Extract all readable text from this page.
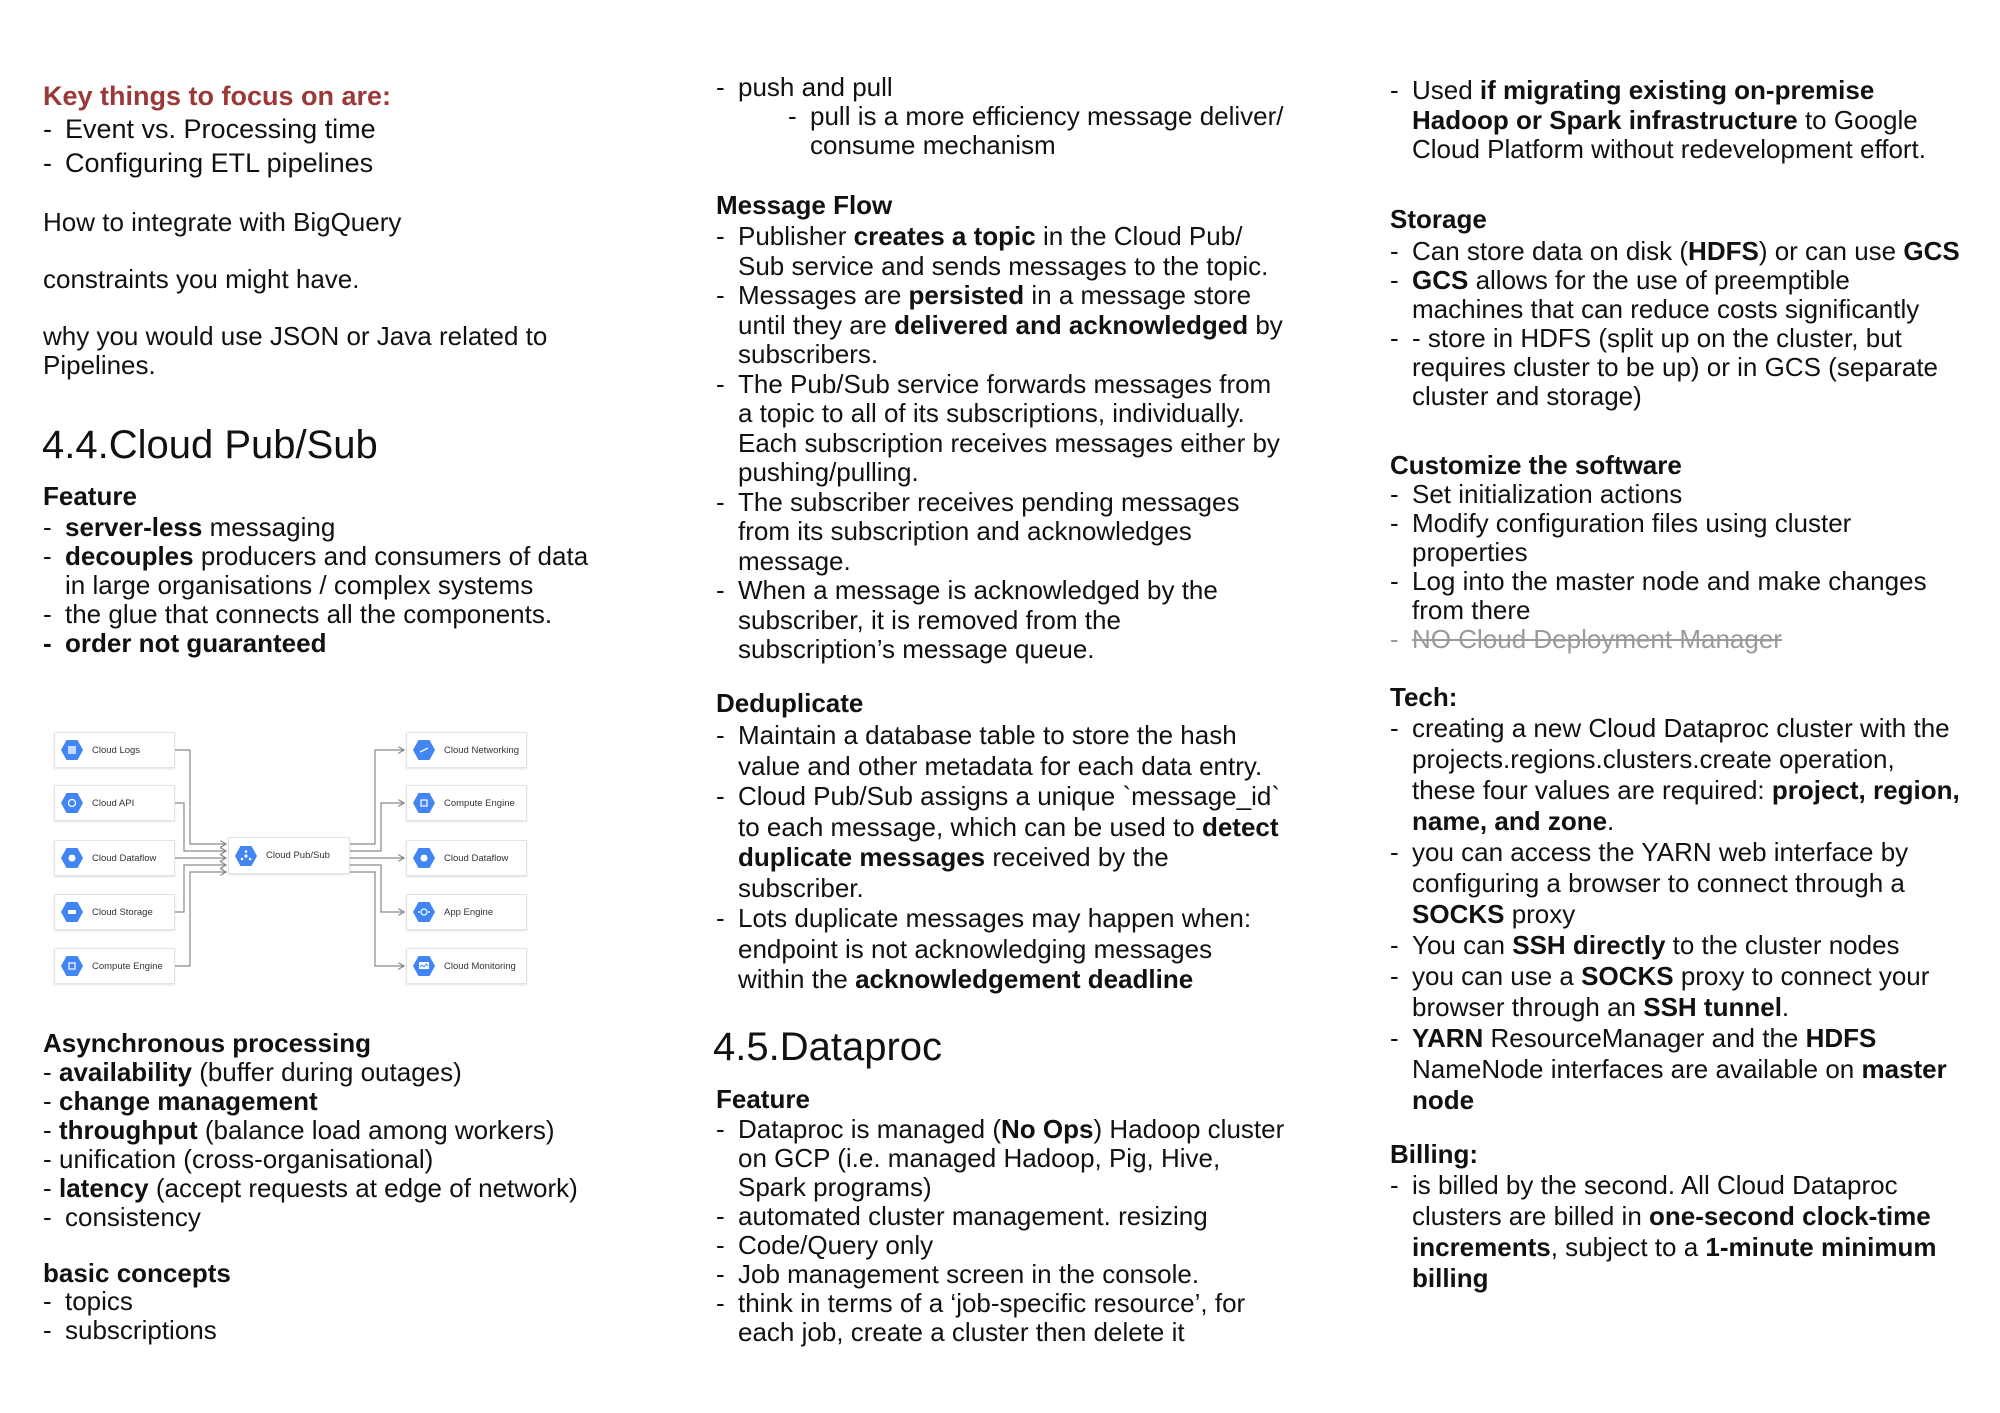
Key things to focus on are:
- Event vs. Processing time
- Configuring ETL pipelines
How to integrate with BigQuery
constraints you might have.
why you would use JSON or Java related to
Pipelines.
4.4.Cloud Pub/Sub
Feature
- server-less messaging
- decouples producers and consumers of data
in large organisations / complex systems
- the glue that connects all the components.
- order not guaranteed
Cloud Logs
Cloud API
Cloud Dataflow
Cloud Storage
Compute Engine
Cloud Pub/Sub
Cloud Networking
Compute Engine
Cloud Dataflow
App Engine
Cloud Monitoring
Asynchronous processing
- availability (buffer during outages)
- change management
- throughput (balance load among workers)
- unification (cross-organisational)
- latency (accept requests at edge of network)
- consistency
basic concepts
- topics
- subscriptions
- push and pull
- pull is a more efficiency message deliver/
consume mechanism
Message Flow
- Publisher creates a topic in the Cloud Pub/
Sub service and sends messages to the topic.
- Messages are persisted in a message store
until they are delivered and acknowledged by
subscribers.
- The Pub/Sub service forwards messages from
a topic to all of its subscriptions, individually.
Each subscription receives messages either by
pushing/pulling.
- The subscriber receives pending messages
from its subscription and acknowledges
message.
- When a message is acknowledged by the
subscriber, it is removed from the
subscription’s message queue.
Deduplicate
- Maintain a database table to store the hash
value and other metadata for each data entry.
- Cloud Pub/Sub assigns a unique `message_id`
to each message, which can be used to detect
duplicate messages received by the
subscriber.
- Lots duplicate messages may happen when:
endpoint is not acknowledging messages
within the acknowledgement deadline
4.5.Dataproc
Feature
- Dataproc is managed (No Ops) Hadoop cluster
on GCP (i.e. managed Hadoop, Pig, Hive,
Spark programs)
- automated cluster management. resizing
- Code/Query only
- Job management screen in the console.
- think in terms of a ‘job-specific resource’, for
each job, create a cluster then delete it
- Used if migrating existing on-premise
Hadoop or Spark infrastructure to Google
Cloud Platform without redevelopment effort.
Storage
- Can store data on disk (HDFS) or can use GCS
- GCS allows for the use of preemptible
machines that can reduce costs significantly
- - store in HDFS (split up on the cluster, but
requires cluster to be up) or in GCS (separate
cluster and storage)
Customize the software
- Set initialization actions
- Modify configuration files using cluster
properties
- Log into the master node and make changes
from there
- NO Cloud Deployment Manager
Tech:
- creating a new Cloud Dataproc cluster with the
projects.regions.clusters.create operation,
these four values are required: project, region,
name, and zone.
- you can access the YARN web interface by
configuring a browser to connect through a
SOCKS proxy
- You can SSH directly to the cluster nodes
- you can use a SOCKS proxy to connect your
browser through an SSH tunnel.
- YARN ResourceManager and the HDFS
NameNode interfaces are available on master
node
Billing:
- is billed by the second. All Cloud Dataproc
clusters are billed in one-second clock-time
increments, subject to a 1-minute minimum
billing
